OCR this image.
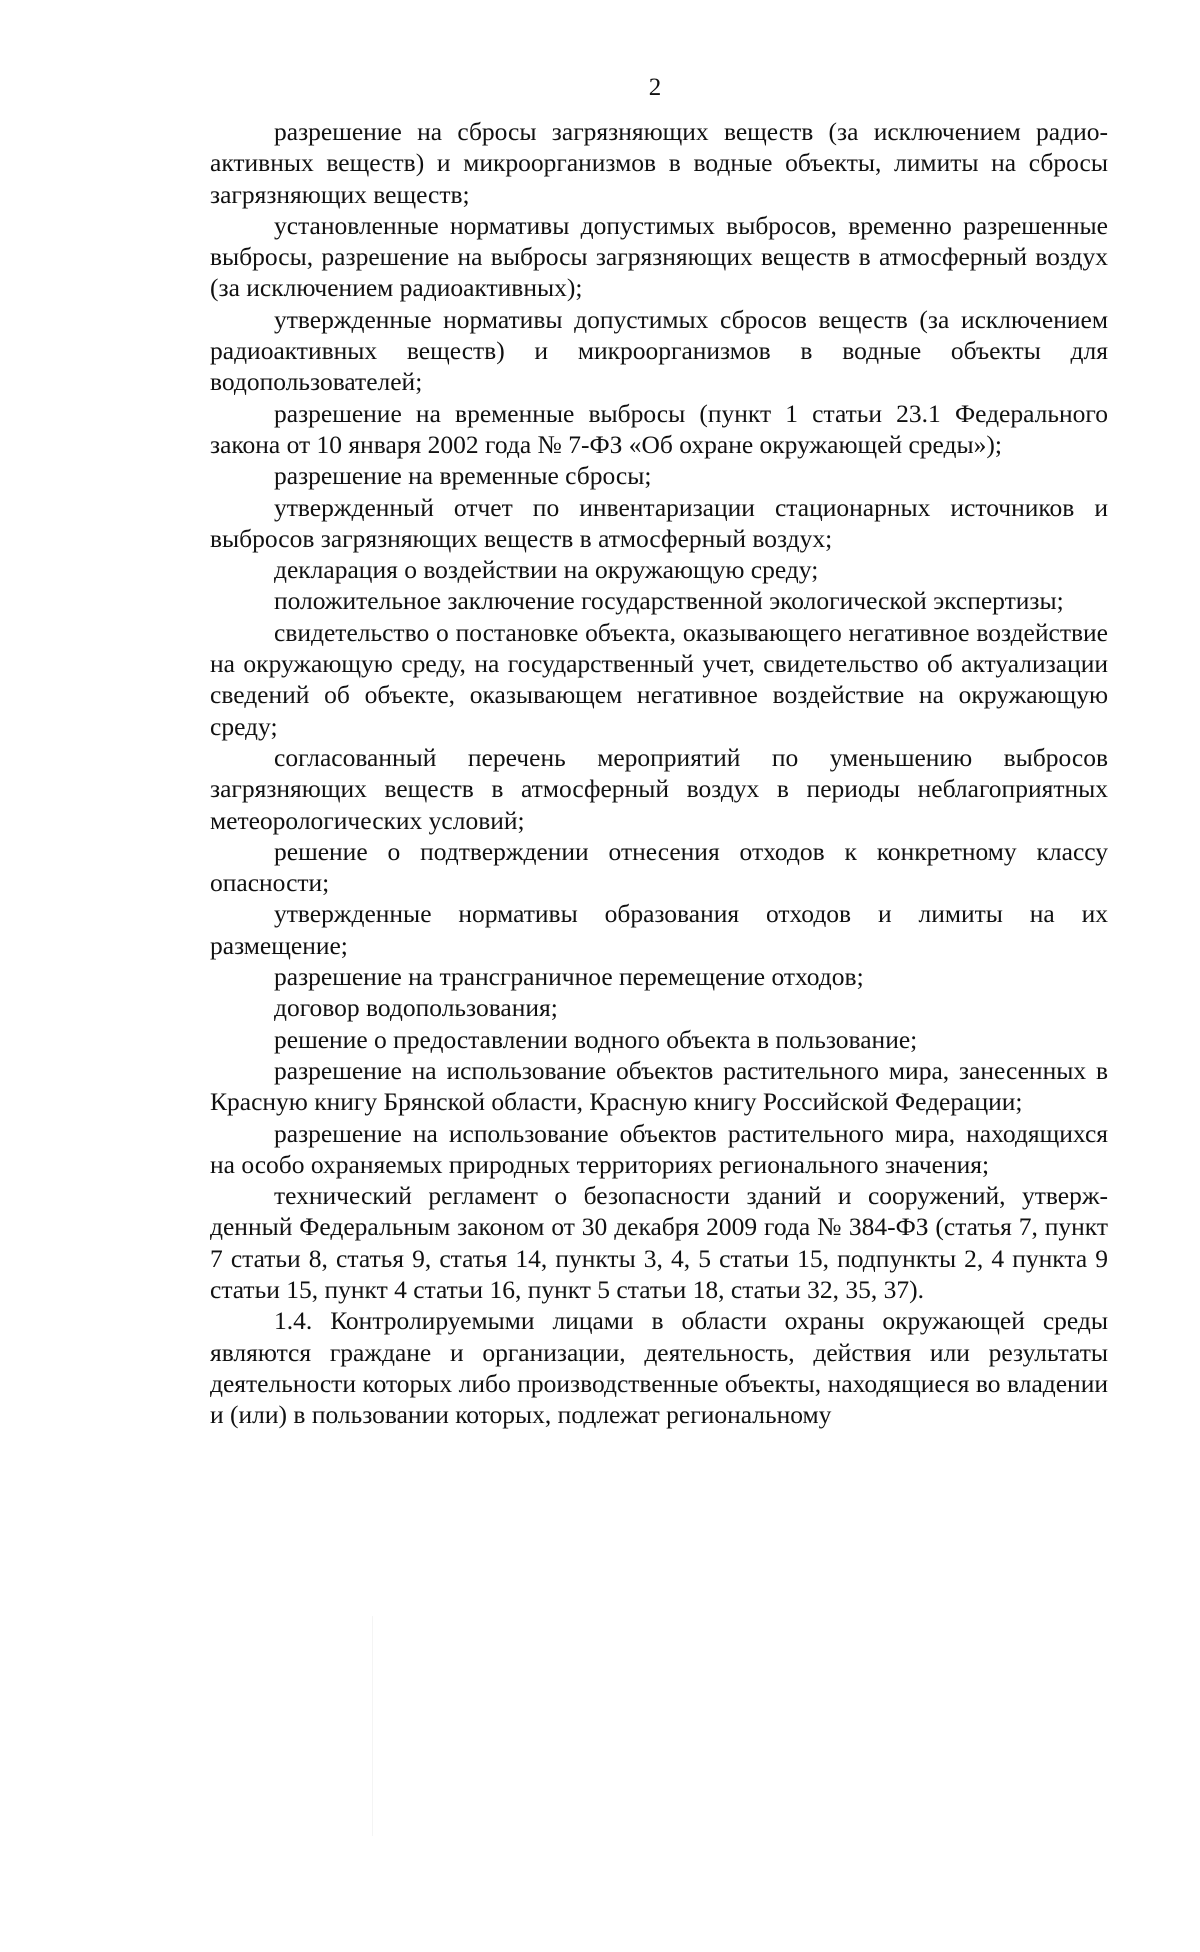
2

разрешение на сбросы загрязняющих веществ (за исключением радиоактивных веществ) и микроорганизмов в водные объекты, лимиты на сбросы загрязняющих веществ;

установленные нормативы допустимых выбросов, временно разрешенные выбросы, разрешение на выбросы загрязняющих веществ в атмосферный воздух (за исключением радиоактивных);

утвержденные нормативы допустимых сбросов веществ (за исключением радиоактивных веществ) и микроорганизмов в водные объекты для водопользователей;

разрешение на временные выбросы (пункт 1 статьи 23.1 Федерального закона от 10 января 2002 года № 7-ФЗ «Об охране окружающей среды»);

разрешение на временные сбросы;

утвержденный отчет по инвентаризации стационарных источников и выбросов загрязняющих веществ в атмосферный воздух;

декларация о воздействии на окружающую среду;

положительное заключение государственной экологической экспертизы;

свидетельство о постановке объекта, оказывающего негативное воздействие на окружающую среду, на государственный учет, свидетельство об актуализации сведений об объекте, оказывающем негативное воздействие на окружающую среду;

согласованный перечень мероприятий по уменьшению выбросов загрязняющих веществ в атмосферный воздух в периоды неблагоприятных метеорологических условий;

решение о подтверждении отнесения отходов к конкретному классу опасности;

утвержденные нормативы образования отходов и лимиты на их размещение;

разрешение на трансграничное перемещение отходов;

договор водопользования;

решение о предоставлении водного объекта в пользование;

разрешение на использование объектов растительного мира, занесенных в Красную книгу Брянской области, Красную книгу Российской Федерации;

разрешение на использование объектов растительного мира, находящихся на особо охраняемых природных территориях регионального значения;

технический регламент о безопасности зданий и сооружений, утвержденный Федеральным законом от 30 декабря 2009 года № 384-ФЗ (статья 7, пункт 7 статьи 8, статья 9, статья 14, пункты 3, 4, 5 статьи 15, подпункты 2, 4 пункта 9 статьи 15, пункт 4 статьи 16, пункт 5 статьи 18, статьи 32, 35, 37).

1.4. Контролируемыми лицами в области охраны окружающей среды являются граждане и организации, деятельность, действия или результаты деятельности которых либо производственные объекты, находящиеся во владении и (или) в пользовании которых, подлежат региональному
